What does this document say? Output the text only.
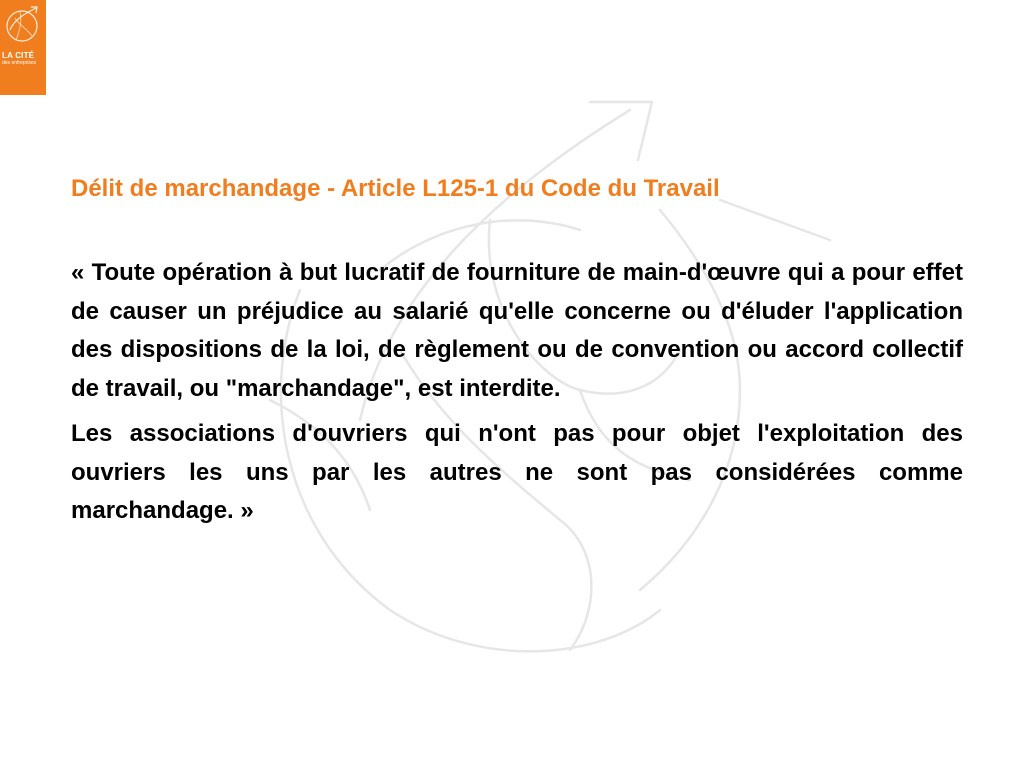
LA CITÉ
des entreprises
Délit de marchandage - Article L125-1 du Code du Travail

« Toute opération à but lucratif de fourniture de main-d'œuvre qui a pour effet de causer un préjudice au salarié qu'elle concerne ou d'éluder l'application des dispositions de la loi, de règlement ou de convention ou accord collectif de travail, ou "marchandage", est interdite.

Les associations d'ouvriers qui n'ont pas pour objet l'exploitation des ouvriers les uns par les autres ne sont pas considérées comme marchandage. »
